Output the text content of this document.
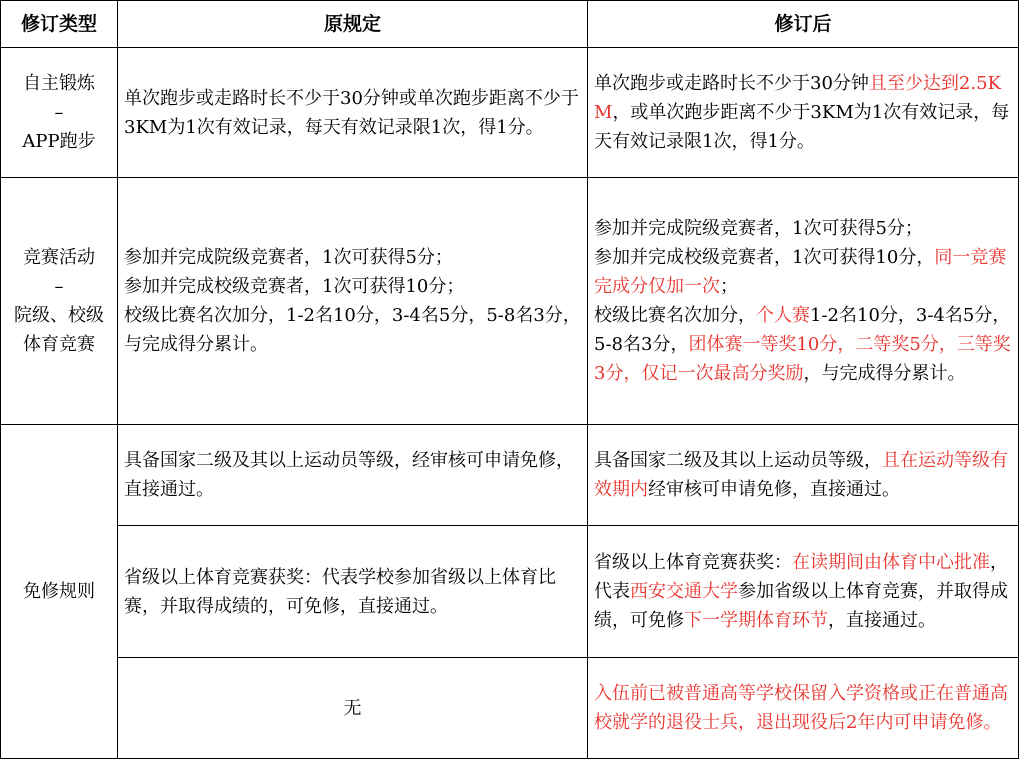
修订类型	原规定	修订后

自主锻炼
–
APP跑步	单次跑步或走路时长不少于30分钟或单次跑步距离不少于3KM为1次有效记录，每天有效记录限1次，得1分。	单次跑步或走路时长不少于30分钟且至少达到2.5KM，或单次跑步距离不少于3KM为1次有效记录，每天有效记录限1次，得1分。

竞赛活动
–
院级、校级体育竞赛	参加并完成院级竞赛者，1次可获得5分；
参加并完成校级竞赛者，1次可获得10分；
校级比赛名次加分，1-2名10分，3-4名5分，5-8名3分，与完成得分累计。	参加并完成院级竞赛者，1次可获得5分；
参加并完成校级竞赛者，1次可获得10分，同一竞赛完成分仅加一次；
校级比赛名次加分，个人赛1-2名10分，3-4名5分，5-8名3分，团体赛一等奖10分，二等奖5分，三等奖3分，仅记一次最高分奖励，与完成得分累计。

免修规则	具备国家二级及其以上运动员等级，经审核可申请免修，直接通过。	具备国家二级及其以上运动员等级，且在运动等级有效期内经审核可申请免修，直接通过。
	省级以上体育竞赛获奖：代表学校参加省级以上体育比赛，并取得成绩的，可免修，直接通过。	省级以上体育竞赛获奖：在读期间由体育中心批准，代表西安交通大学参加省级以上体育竞赛，并取得成绩，可免修下一学期体育环节，直接通过。
	无	入伍前已被普通高等学校保留入学资格或正在普通高校就学的退役士兵，退出现役后2年内可申请免修。
